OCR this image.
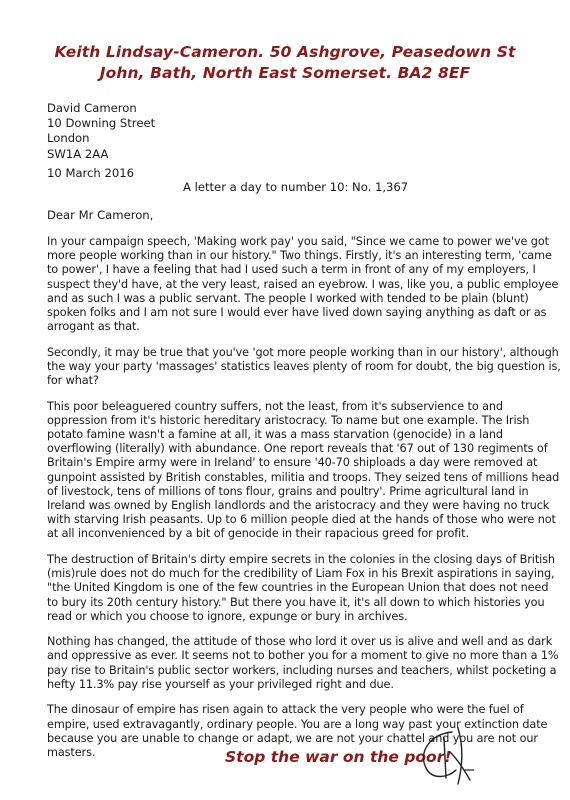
Keith Lindsay-Cameron. 50 Ashgrove, Peasedown St John, Bath, North East Somerset. BA2 8EF
David Cameron
10 Downing Street
London
SW1A 2AA
10 March 2016
A letter a day to number 10: No. 1,367
Dear Mr Cameron,

In your campaign speech, 'Making work pay' you said, "Since we came to power we've got more people working than in our history." Two things. Firstly, it's an interesting term, 'came to power', I have a feeling that had I used such a term in front of any of my employers, I suspect they'd have, at the very least, raised an eyebrow. I was, like you, a public employee and as such I was a public servant. The people I worked with tended to be plain (blunt) spoken folks and I am not sure I would ever have lived down saying anything as daft or as arrogant as that.

Secondly, it may be true that you've 'got more people working than in our history', although the way your party 'massages' statistics leaves plenty of room for doubt, the big question is, for what?

This poor beleaguered country suffers, not the least, from it's subservience to and oppression from it's historic hereditary aristocracy. To name but one example. The Irish potato famine wasn't a famine at all, it was a mass starvation (genocide) in a land overflowing (literally) with abundance. One report reveals that '67 out of 130 regiments of Britain's Empire army were in Ireland' to ensure '40-70 shiploads a day were removed at gunpoint assisted by British constables, militia and troops. They seized tens of millions head of livestock, tens of millions of tons flour, grains and poultry'. Prime agricultural land in Ireland was owned by English landlords and the aristocracy and they were having no truck with starving Irish peasants. Up to 6 million people died at the hands of those who were not at all inconvenienced by a bit of genocide in their rapacious greed for profit.

The destruction of Britain's dirty empire secrets in the colonies in the closing days of British (mis)rule does not do much for the credibility of Liam Fox in his Brexit aspirations in saying, "the United Kingdom is one of the few countries in the European Union that does not need to bury its 20th century history." But there you have it, it's all down to which histories you read or which you choose to ignore, expunge or bury in archives.

Nothing has changed, the attitude of those who lord it over us is alive and well and as dark and oppressive as ever. It seems not to bother you for a moment to give no more than a 1% pay rise to Britain's public sector workers, including nurses and teachers, whilst pocketing a hefty 11.3% pay rise yourself as your privileged right and due.

The dinosaur of empire has risen again to attack the very people who were the fuel of empire, used extravagantly, ordinary people. You are a long way past your extinction date because you are unable to change or adapt, we are not your chattel and you are not our masters.	Stop the war on the poor!
